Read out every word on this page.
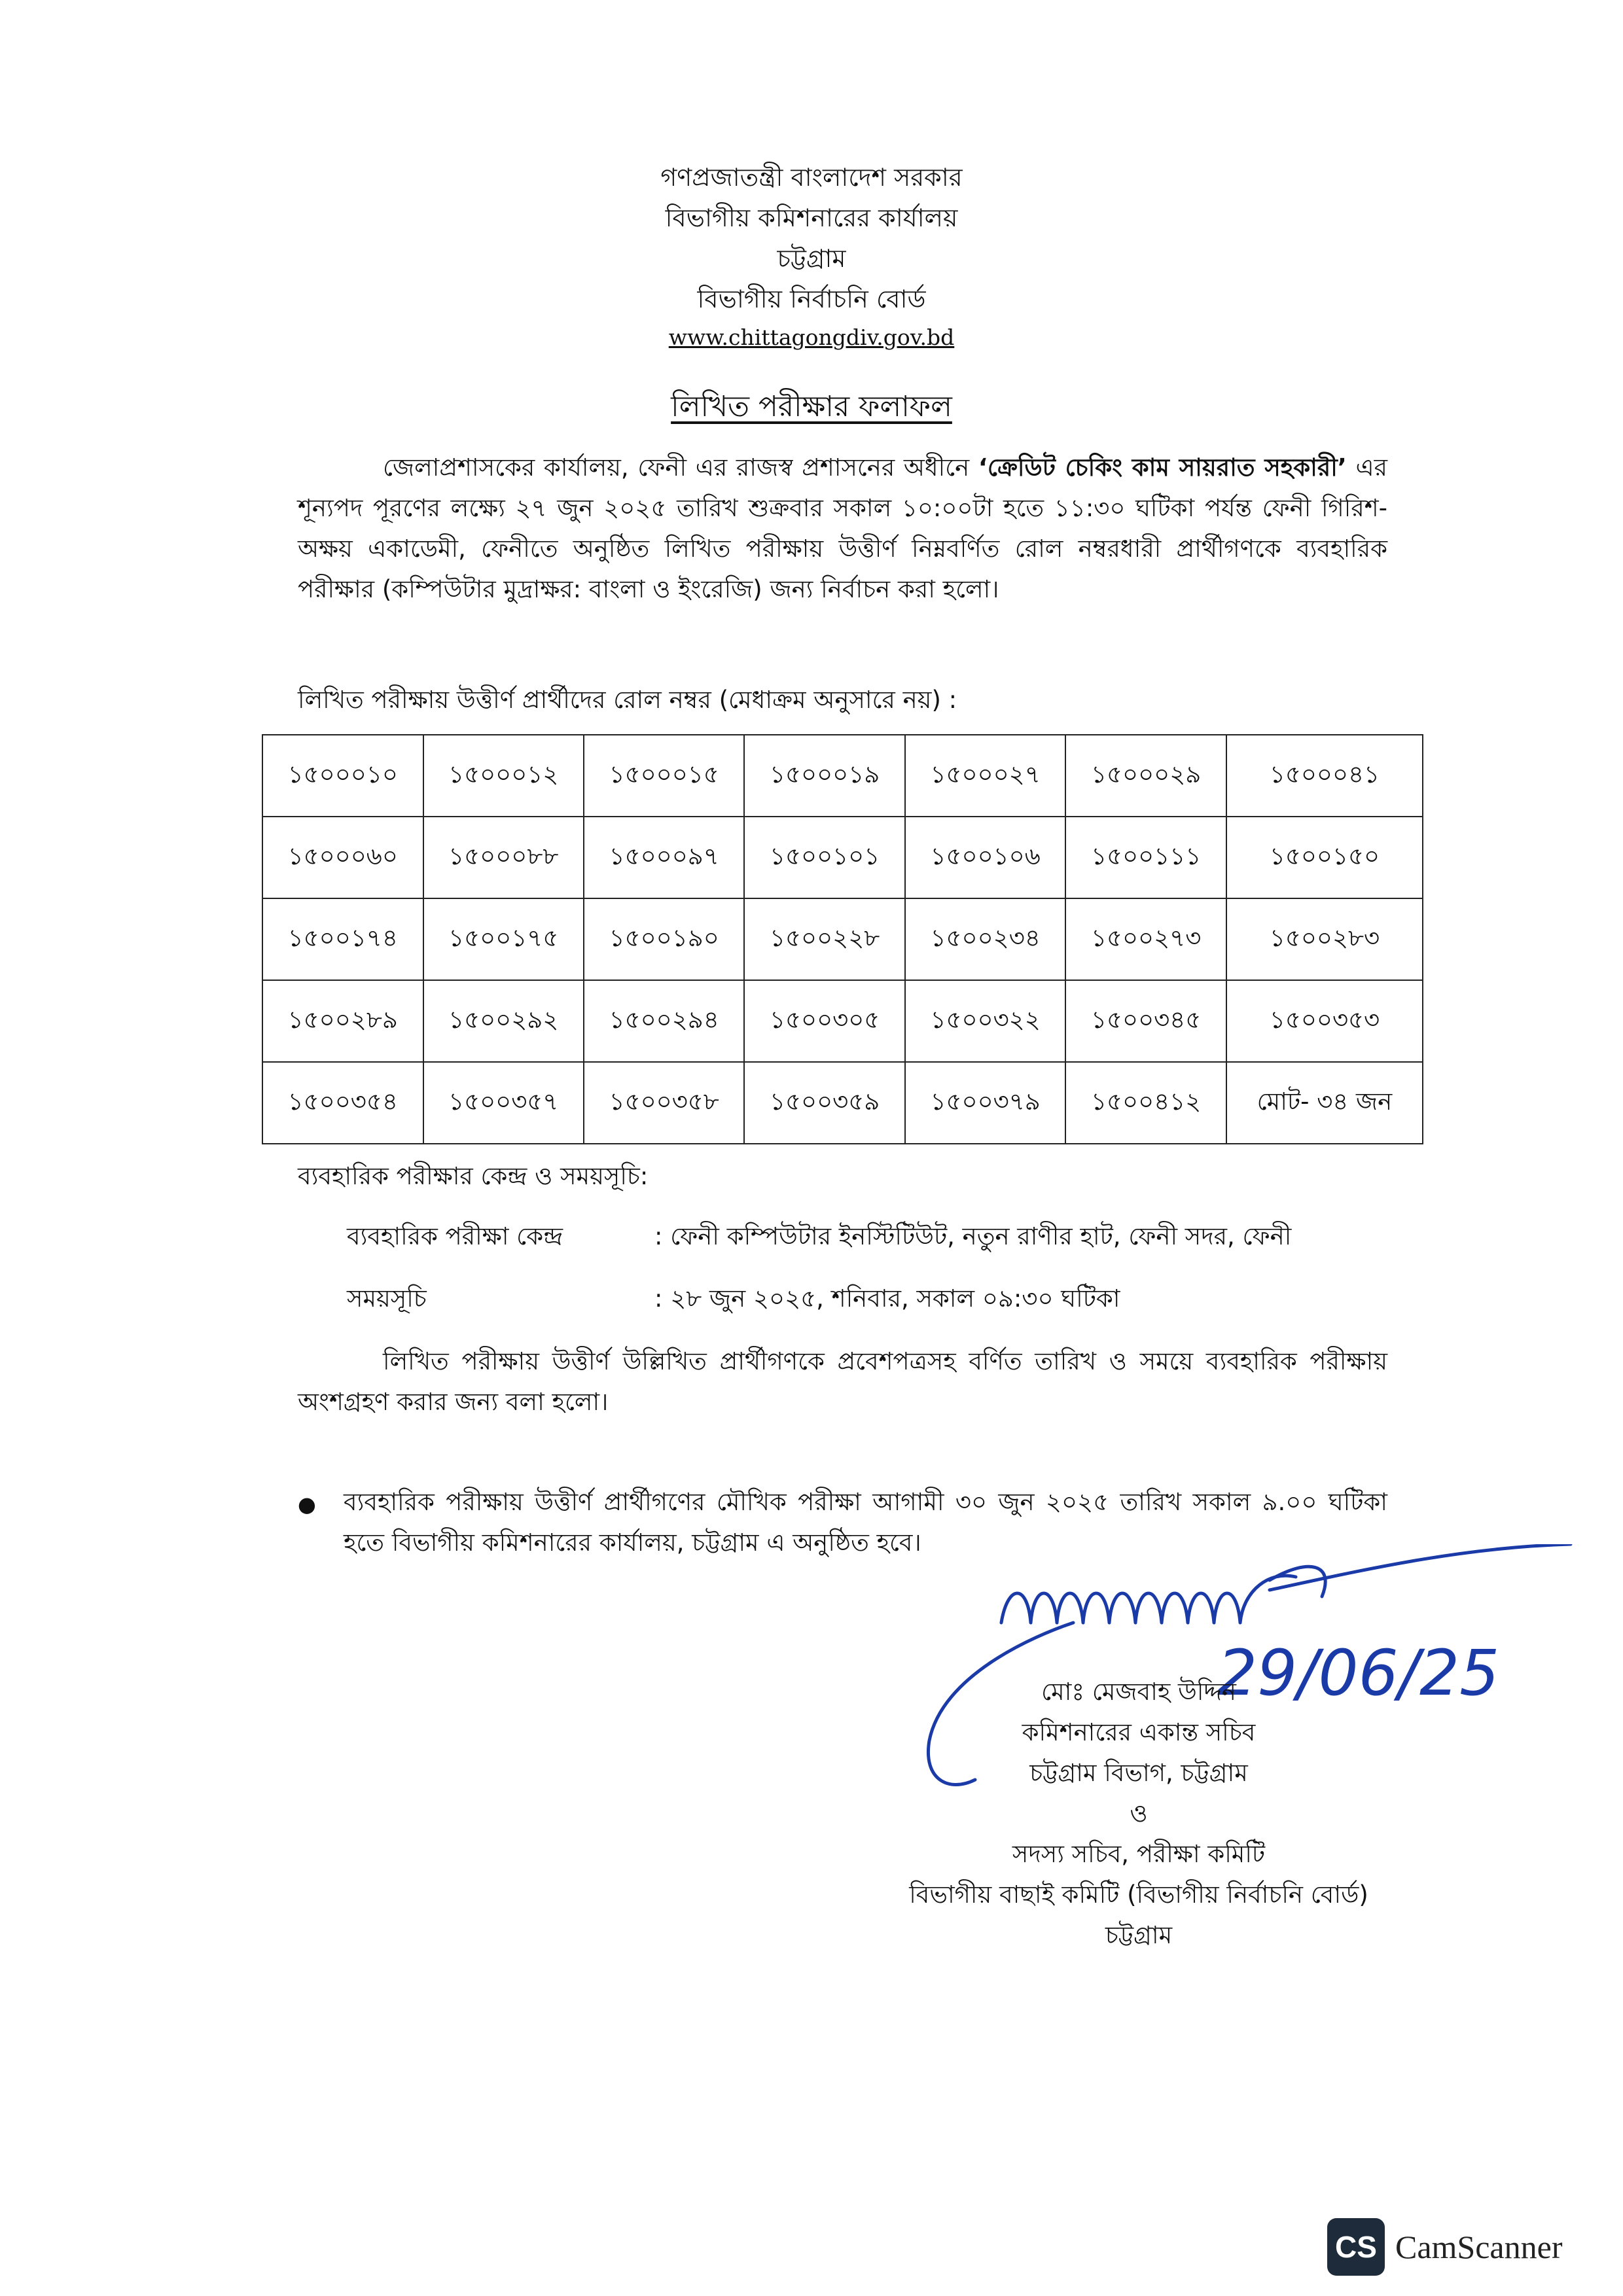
গণপ্রজাতন্ত্রী বাংলাদেশ সরকার
বিভাগীয় কমিশনারের কার্যালয়
চট্টগ্রাম
বিভাগীয় নির্বাচনি বোর্ড
www.chittagongdiv.gov.bd
লিখিত পরীক্ষার ফলাফল
জেলাপ্রশাসকের কার্যালয়, ফেনী এর রাজস্ব প্রশাসনের অধীনে ‘ক্রেডিট চেকিং কাম সায়রাত সহকারী’ এর শূন্যপদ পূরণের লক্ষ্যে ২৭ জুন ২০২৫ তারিখ শুক্রবার সকাল ১০:০০টা হতে ১১:৩০ ঘটিকা পর্যন্ত ফেনী গিরিশ-অক্ষয় একাডেমী, ফেনীতে অনুষ্ঠিত লিখিত পরীক্ষায় উত্তীর্ণ নিম্নবর্ণিত রোল নম্বরধারী প্রার্থীগণকে ব্যবহারিক পরীক্ষার (কম্পিউটার মুদ্রাক্ষর: বাংলা ও ইংরেজি) জন্য নির্বাচন করা হলো।
লিখিত পরীক্ষায় উত্তীর্ণ প্রার্থীদের রোল নম্বর (মেধাক্রম অনুসারে নয়) :
১৫০০০১০	১৫০০০১২	১৫০০০১৫	১৫০০০১৯	১৫০০০২৭	১৫০০০২৯	১৫০০০৪১
১৫০০০৬০	১৫০০০৮৮	১৫০০০৯৭	১৫০০১০১	১৫০০১০৬	১৫০০১১১	১৫০০১৫০
১৫০০১৭৪	১৫০০১৭৫	১৫০০১৯০	১৫০০২২৮	১৫০০২৩৪	১৫০০২৭৩	১৫০০২৮৩
১৫০০২৮৯	১৫০০২৯২	১৫০০২৯৪	১৫০০৩০৫	১৫০০৩২২	১৫০০৩৪৫	১৫০০৩৫৩
১৫০০৩৫৪	১৫০০৩৫৭	১৫০০৩৫৮	১৫০০৩৫৯	১৫০০৩৭৯	১৫০০৪১২	মোট- ৩৪ জন
ব্যবহারিক পরীক্ষার কেন্দ্র ও সময়সূচি:
ব্যবহারিক পরীক্ষা কেন্দ্র	: ফেনী কম্পিউটার ইনস্টিটিউট, নতুন রাণীর হাট, ফেনী সদর, ফেনী
সময়সূচি	: ২৮ জুন ২০২৫, শনিবার, সকাল ০৯:৩০ ঘটিকা
লিখিত পরীক্ষায় উত্তীর্ণ উল্লিখিত প্রার্থীগণকে প্রবেশপত্রসহ বর্ণিত তারিখ ও সময়ে ব্যবহারিক পরীক্ষায় অংশগ্রহণ করার জন্য বলা হলো।
● ব্যবহারিক পরীক্ষায় উত্তীর্ণ প্রার্থীগণের মৌখিক পরীক্ষা আগামী ৩০ জুন ২০২৫ তারিখ সকাল ৯.০০ ঘটিকা হতে বিভাগীয় কমিশনারের কার্যালয়, চট্টগ্রাম এ অনুষ্ঠিত হবে।
29/06/25
মোঃ মেজবাহ উদ্দিন
কমিশনারের একান্ত সচিব
চট্টগ্রাম বিভাগ, চট্টগ্রাম
ও
সদস্য সচিব, পরীক্ষা কমিটি
বিভাগীয় বাছাই কমিটি (বিভাগীয় নির্বাচনি বোর্ড)
চট্টগ্রাম
CS CamScanner
